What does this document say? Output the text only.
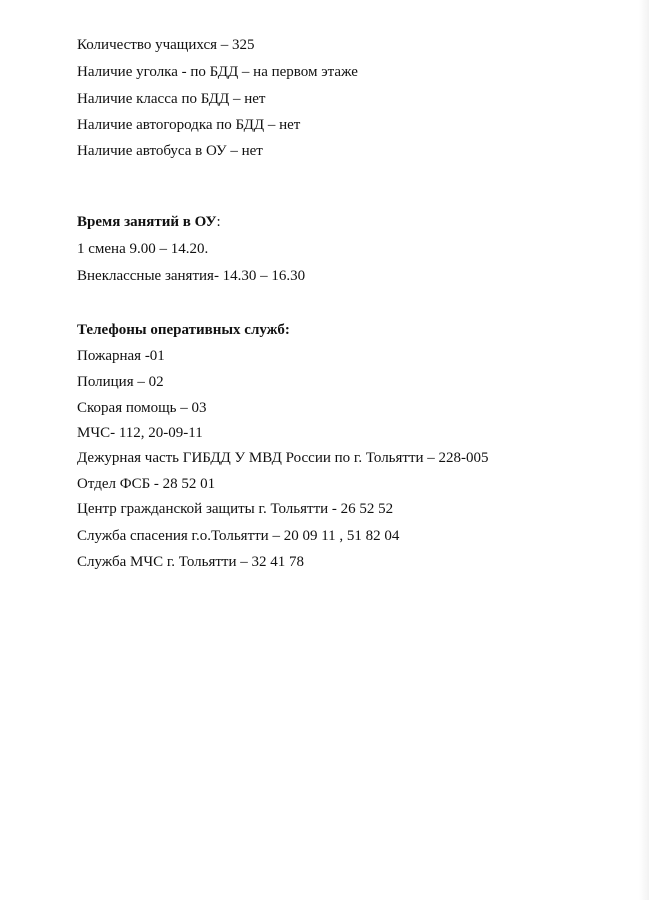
Количество учащихся – 325
Наличие уголка - по БДД – на первом этаже
Наличие класса по БДД – нет
Наличие автогородка по БДД – нет
Наличие автобуса в ОУ – нет
Время занятий в ОУ:
1 смена 9.00 – 14.20.
Внеклассные занятия- 14.30 – 16.30
Телефоны оперативных служб:
Пожарная -01
Полиция – 02
Скорая помощь – 03
МЧС- 112, 20-09-11
Дежурная часть ГИБДД У МВД России по г. Тольятти – 228-005
Отдел ФСБ - 28 52 01
Центр гражданской защиты г. Тольятти - 26 52 52
Служба спасения г.о.Тольятти – 20 09 11 , 51 82 04
Служба МЧС г. Тольятти – 32 41 78
